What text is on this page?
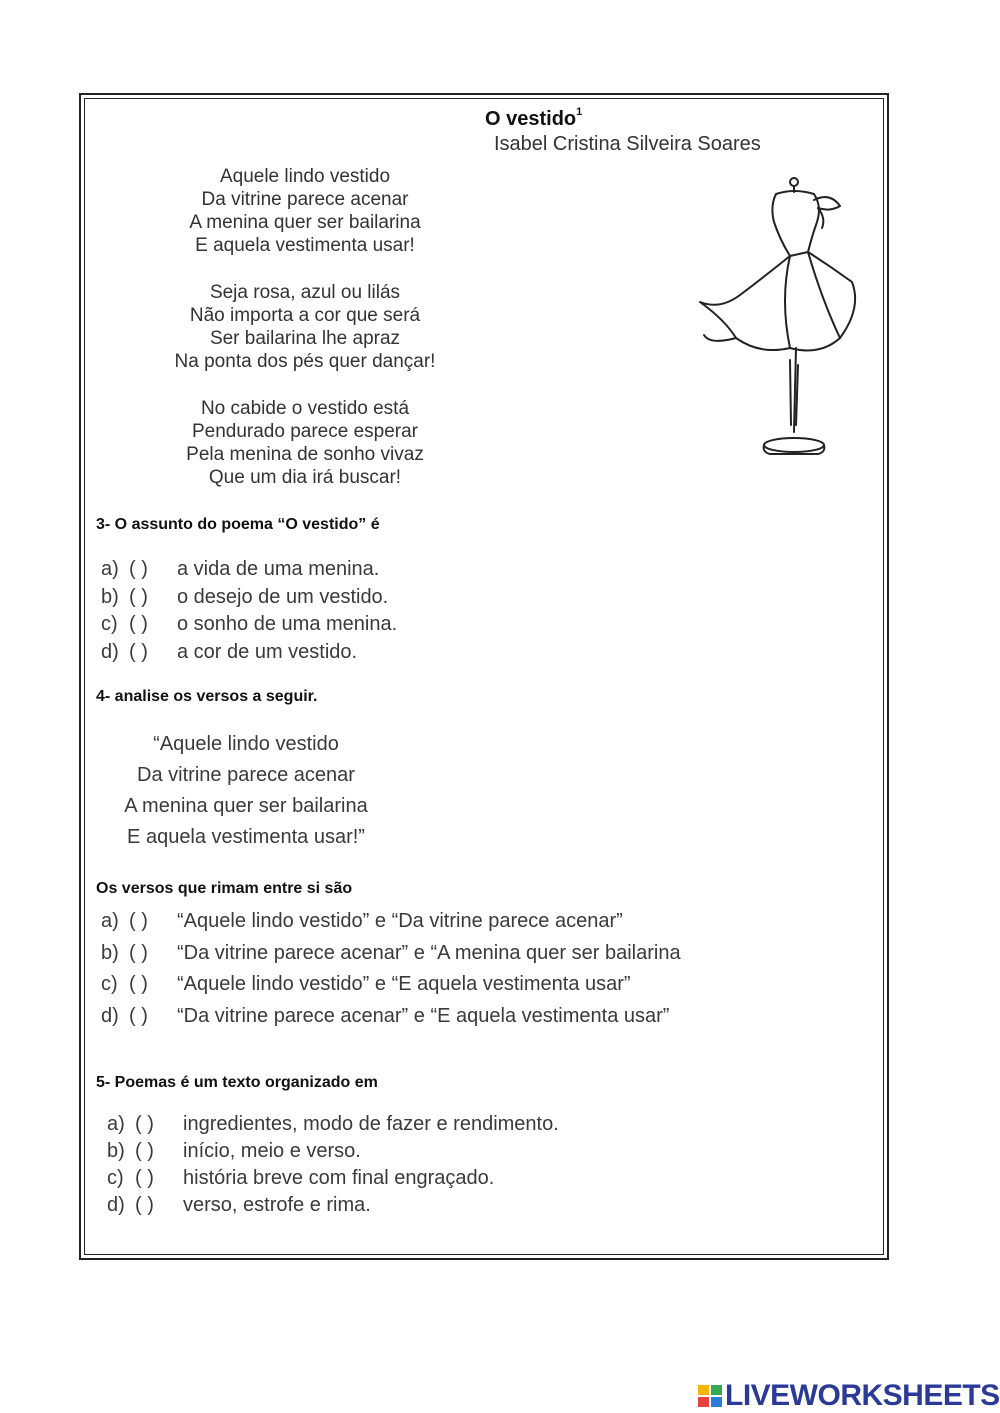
O vestido$^1$
Isabel Cristina Silveira Soares
Aquele lindo vestido
Da vitrine parece acenar
A menina quer ser bailarina
E aquela vestimenta usar!
Seja rosa, azul ou lilás
Não importa a cor que será
Ser bailarina lhe apraz
Na ponta dos pés quer dançar!
No cabide o vestido está
Pendurado parece esperar
Pela menina de sonho vivaz
Que um dia irá buscar!
3- O assunto do poema “O vestido” é
a) ( ) a vida de uma menina.
b) ( ) o desejo de um vestido.
c) ( ) o sonho de uma menina.
d) ( ) a cor de um vestido.
4- analise os versos a seguir.
“Aquele lindo vestido
Da vitrine parece acenar
A menina quer ser bailarina
E aquela vestimenta usar!”
Os versos que rimam entre si são
a) ( ) “Aquele lindo vestido” e “Da vitrine parece acenar”
b) ( ) “Da vitrine parece acenar” e “A menina quer ser bailarina
c) ( ) “Aquele lindo vestido” e “E aquela vestimenta usar”
d) ( ) “Da vitrine parece acenar” e “E aquela vestimenta usar”
5- Poemas é um texto organizado em
a) ( ) ingredientes, modo de fazer e rendimento.
b) ( ) início, meio e verso.
c) ( ) história breve com final engraçado.
d) ( ) verso, estrofe e rima.
LIVEWORKSHEETS
